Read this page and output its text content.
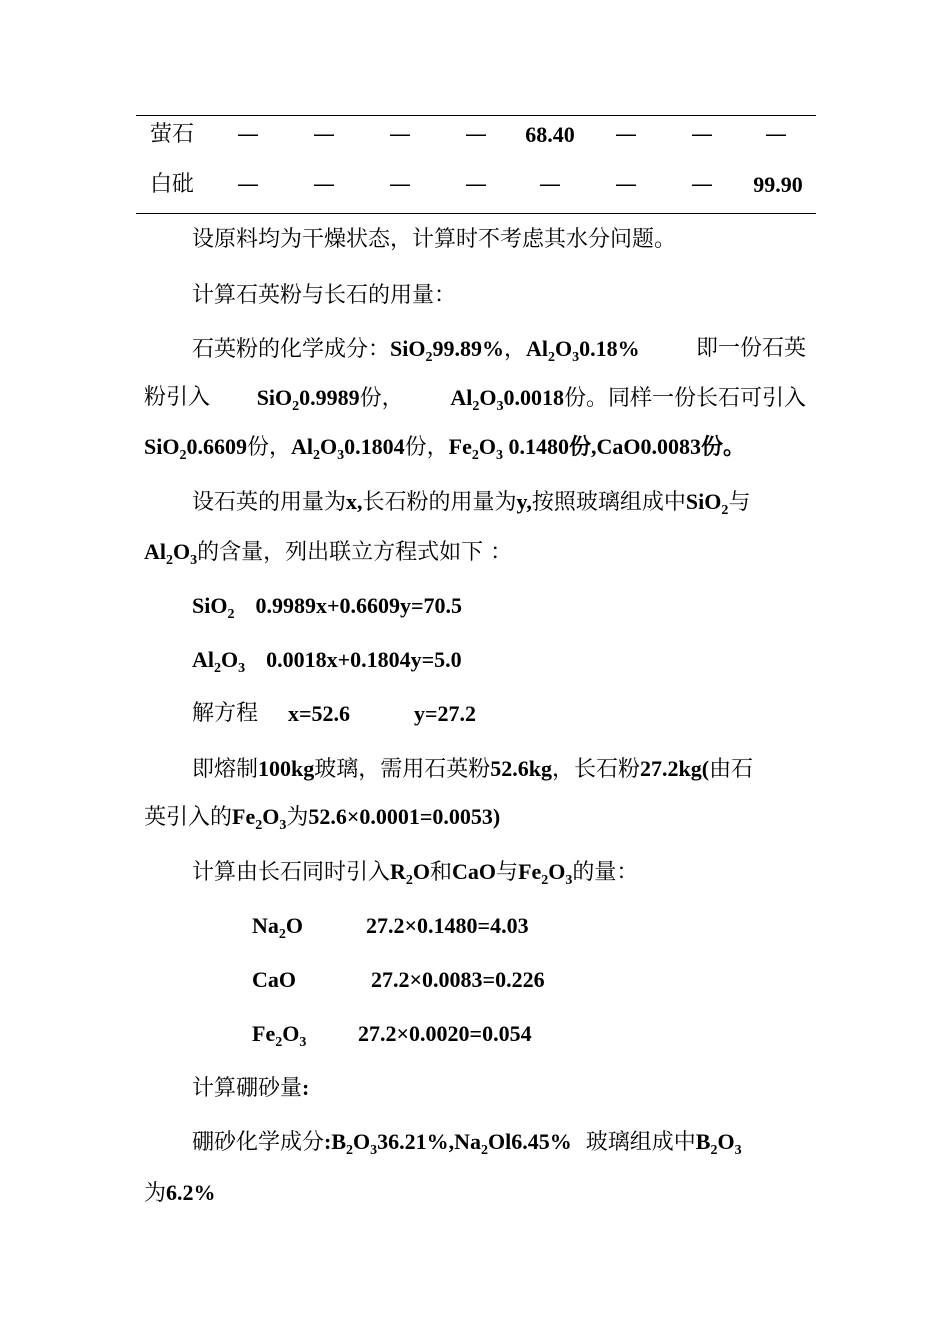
萤石	—	—	—	—	68.40	—	—	—
白砒	—	—	—	—	—	—	—	99.90
设原料均为干燥状态，计算时不考虑其水分问题。
计算石英粉与长石的用量：
石英粉的化学成分：SiO$_2$99.89%，$Al_2O_30.18\%$	即一份石英
粉引入 SiO$_2$0.9989份， $Al_2O_30.0018$份。同样一份长石可引入
SiO$_2$0.6609份，$Al_2O_30.1804$份，$Fe_2O_3$ 0.1480份,CaO0.0083份。
设石英的用量为x,长石粉的用量为y,按照玻璃组成中SiO$_2$与
$Al_2O_3$的含量，列出联立方程式如下 ：
SiO$_2$ 0.9989x+0.6609y=70.5
$Al_2O_3$ 0.0018x+0.1804y=5.0
解方程 x=52.6	y=27.2
即熔制100kg玻璃，需用石英粉52.6kg，长石粉27.2kg(由石
英引入的$Fe_2O_3$为52.6×0.0001=0.0053)
计算由长石同时引入$R_2O$和CaO与$Fe_2O_3$的量：
$Na_2O$	27.2×0.1480=4.03
CaO	27.2×0.0083=0.226
$Fe_2O_3$ 27.2×0.0020=0.054
计算硼砂量:
硼砂化学成分$:B_2O_336.21\%,Na_2Ol6.45\%$ 玻璃组成中$B_2O_3$
为6.2%
